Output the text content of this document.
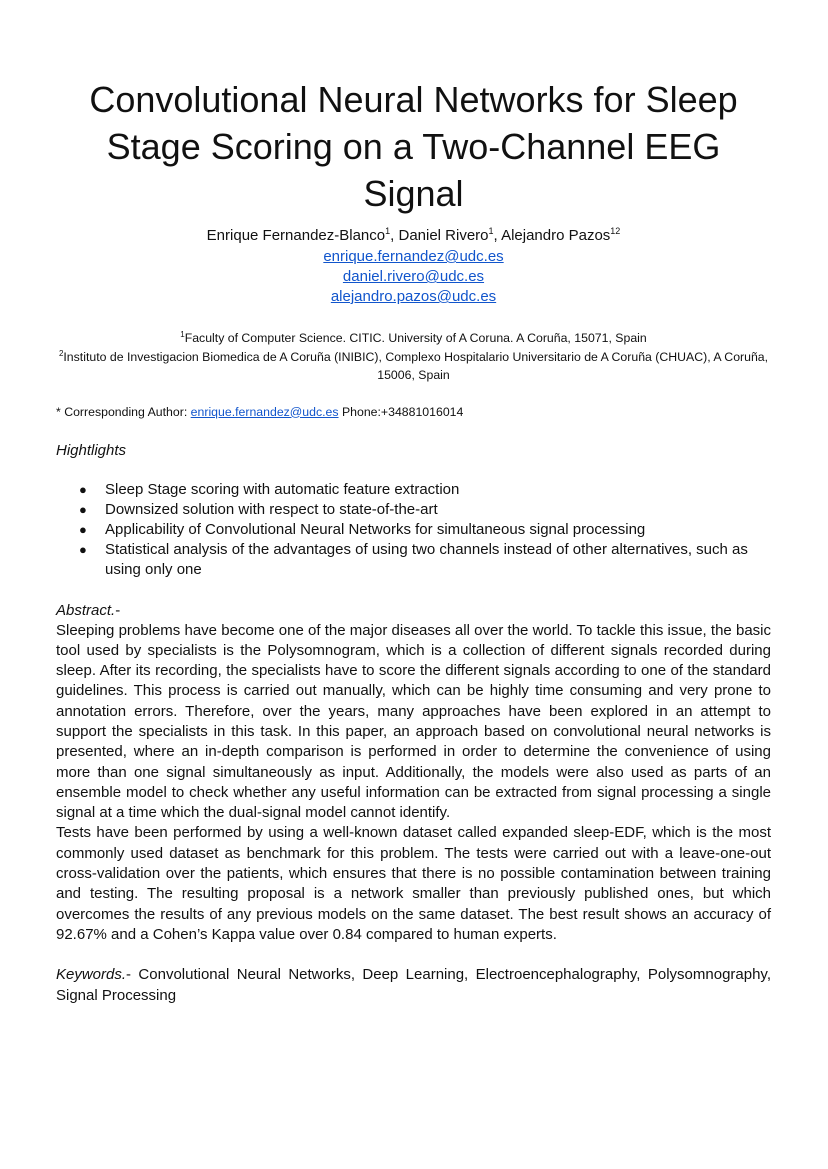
Convolutional Neural Networks for Sleep Stage Scoring on a Two-Channel EEG Signal
Enrique Fernandez-Blanco$^1$, Daniel Rivero$^1$, Alejandro Pazos$^{12}$
enrique.fernandez@udc.es
daniel.rivero@udc.es
alejandro.pazos@udc.es
$^1$Faculty of Computer Science. CITIC. University of A Coruna. A Coruña, 15071, Spain
$^2$Instituto de Investigacion Biomedica de A Coruña (INIBIC), Complexo Hospitalario Universitario de A Coruña (CHUAC), A Coruña, 15006, Spain
* Corresponding Author: enrique.fernandez@udc.es Phone:+34881016014
Hightlights
● Sleep Stage scoring with automatic feature extraction
● Downsized solution with respect to state-of-the-art
● Applicability of Convolutional Neural Networks for simultaneous signal processing
● Statistical analysis of the advantages of using two channels instead of other alternatives, such as using only one
Abstract.-

Sleeping problems have become one of the major diseases all over the world. To tackle this issue, the basic tool used by specialists is the Polysomnogram, which is a collection of different signals recorded during sleep. After its recording, the specialists have to score the different signals according to one of the standard guidelines. This process is carried out manually, which can be highly time consuming and very prone to annotation errors. Therefore, over the years, many approaches have been explored in an attempt to support the specialists in this task. In this paper, an approach based on convolutional neural networks is presented, where an in-depth comparison is performed in order to determine the convenience of using more than one signal simultaneously as input. Additionally, the models were also used as parts of an ensemble model to check whether any useful information can be extracted from signal processing a single signal at a time which the dual-signal model cannot identify.

Tests have been performed by using a well-known dataset called expanded sleep-EDF, which is the most commonly used dataset as benchmark for this problem. The tests were carried out with a leave-one-out cross-validation over the patients, which ensures that there is no possible contamination between training and testing. The resulting proposal is a network smaller than previously published ones, but which overcomes the results of any previous models on the same dataset. The best result shows an accuracy of 92.67% and a Cohen’s Kappa value over 0.84 compared to human experts.

Keywords.- Convolutional Neural Networks, Deep Learning, Electroencephalography, Polysomnography, Signal Processing
